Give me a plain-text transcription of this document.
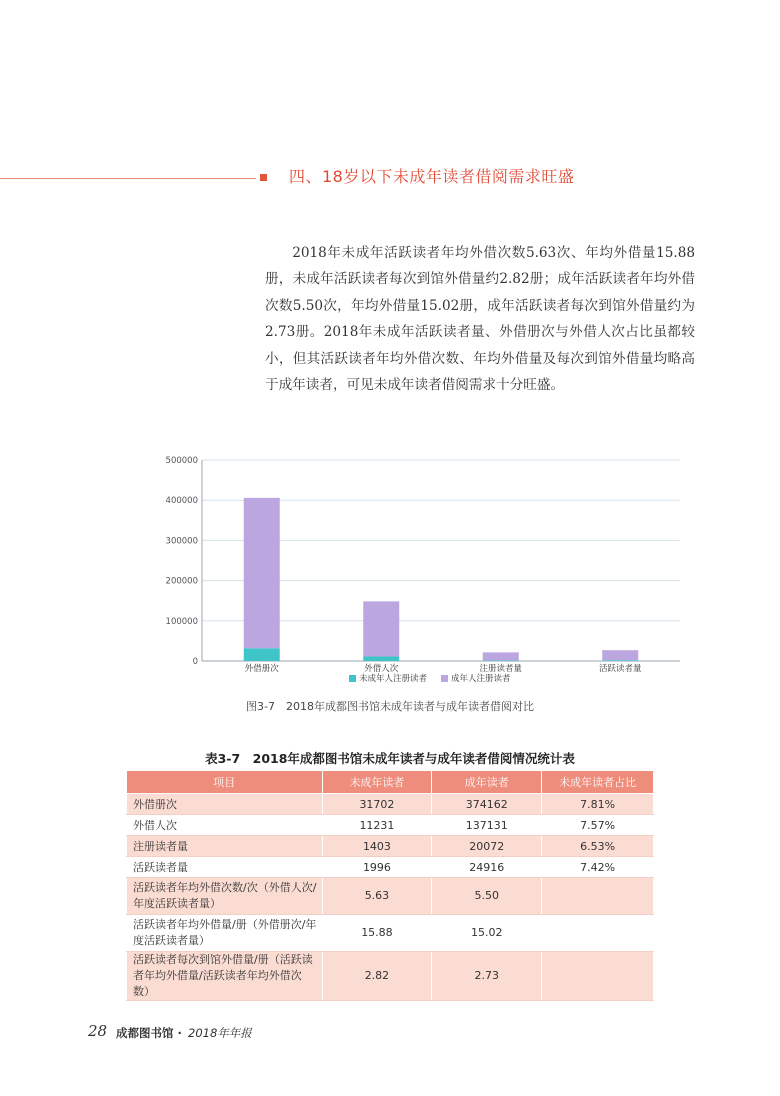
四、18岁以下未成年读者借阅需求旺盛

2018年未成年活跃读者年均外借次数5.63次、年均外借量15.88册，未成年活跃读者每次到馆外借量约2.82册；成年活跃读者年均外借次数5.50次，年均外借量15.02册，成年活跃读者每次到馆外借量约为2.73册。2018年未成年活跃读者量、外借册次与外借人次占比虽都较小，但其活跃读者年均外借次数、年均外借量及每次到馆外借量均略高于成年读者，可见未成年读者借阅需求十分旺盛。

0
100000
200000
300000
400000
500000
外借册次	外借人次	注册读者量	活跃读者量
未成年人注册读者	成年人注册读者
图3-7　2018年成都图书馆未成年读者与成年读者借阅对比
表3-7　2018年成都图书馆未成年读者与成年读者借阅情况统计表
项目	未成年读者	成年读者	未成年读者占比
外借册次	31702	374162	7.81%
外借人次	11231	137131	7.57%
注册读者量	1403	20072	6.53%
活跃读者量	1996	24916	7.42%
活跃读者年均外借次数/次（外借人次/年度活跃读者量）	5.63	5.50	
活跃读者年均外借量/册（外借册次/年度活跃读者量）	15.88	15.02	
活跃读者每次到馆外借量/册（活跃读者年均外借量/活跃读者年均外借次数）	2.82	2.73	
28 成都图书馆 · 2018年年报
